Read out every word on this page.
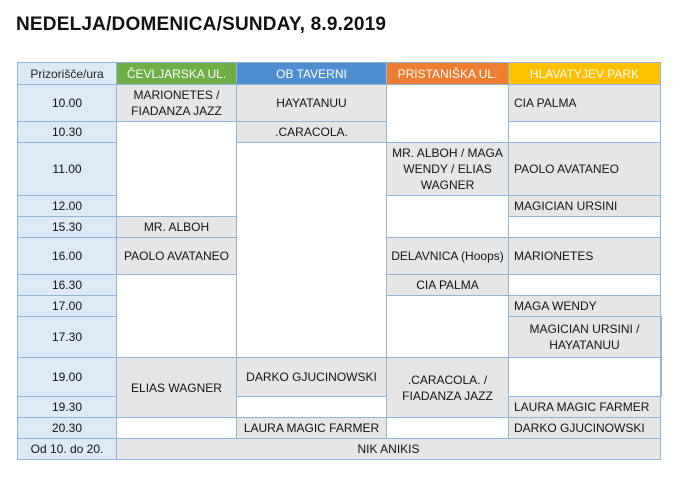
NEDELJA/DOMENICA/SUNDAY, 8.9.2019
Prizorišče/ura	ČEVLJARSKA UL.	OB TAVERNI	PRISTANIŠKA UL.	HLAVATYJEV PARK	
10.00	MARIONETES / FIADANZA JAZZ	HAYATANUU		CIA PALMA	
10.30		.CARACOLA.			
11.00			MR. ALBOH / MAGA WENDY / ELIAS WAGNER	PAOLO AVATANEO	
12.00				MAGICIAN URSINI	
15.30	MR. ALBOH				
16.00	PAOLO AVATANEO		DELAVNICA (Hoops)	MARIONETES	
16.30			CIA PALMA		
17.00				MAGA WENDY	
17.30				MAGICIAN URSINI / HAYATANUU	
19.00	ELIAS WAGNER	DARKO GJUCINOWSKI	.CARACOLA. / FIADANZA JAZZ		
19.30				LAURA MAGIC FARMER	
20.30		LAURA MAGIC FARMER		DARKO GJUCINOWSKI	
Od 10. do 20.	NIK ANIKIS				
